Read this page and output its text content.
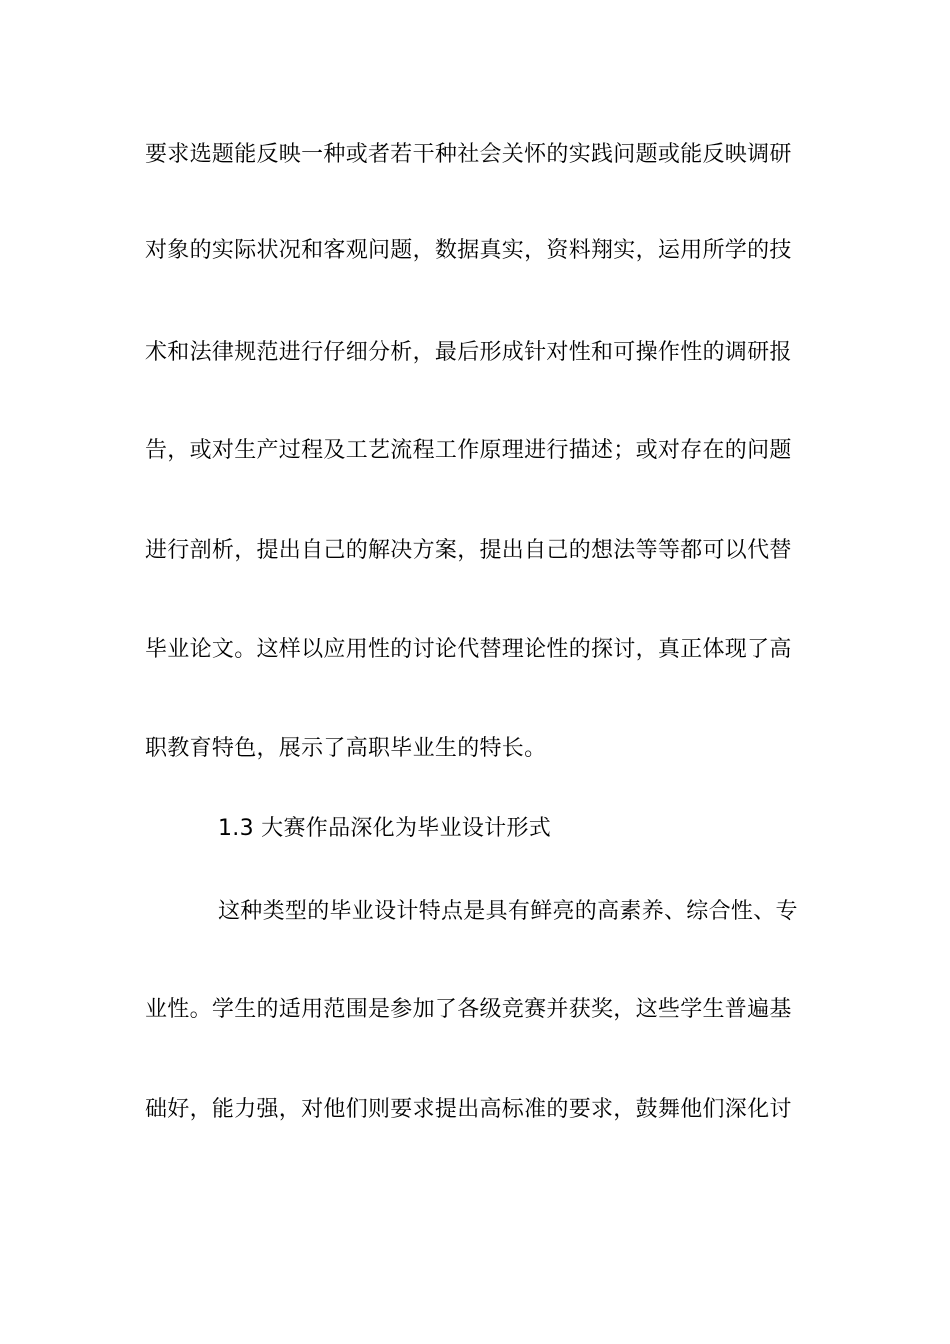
要求选题能反映一种或者若干种社会关怀的实践问题或能反映调研
对象的实际状况和客观问题，数据真实，资料翔实，运用所学的技
术和法律规范进行仔细分析，最后形成针对性和可操作性的调研报
告，或对生产过程及工艺流程工作原理进行描述；或对存在的问题
进行剖析，提出自己的解决方案，提出自己的想法等等都可以代替
毕业论文。这样以应用性的讨论代替理论性的探讨，真正体现了高
职教育特色，展示了高职毕业生的特长。
1.3 大赛作品深化为毕业设计形式
这种类型的毕业设计特点是具有鲜亮的高素养、综合性、专
业性。学生的适用范围是参加了各级竞赛并获奖，这些学生普遍基
础好，能力强，对他们则要求提出高标准的要求，鼓舞他们深化讨
